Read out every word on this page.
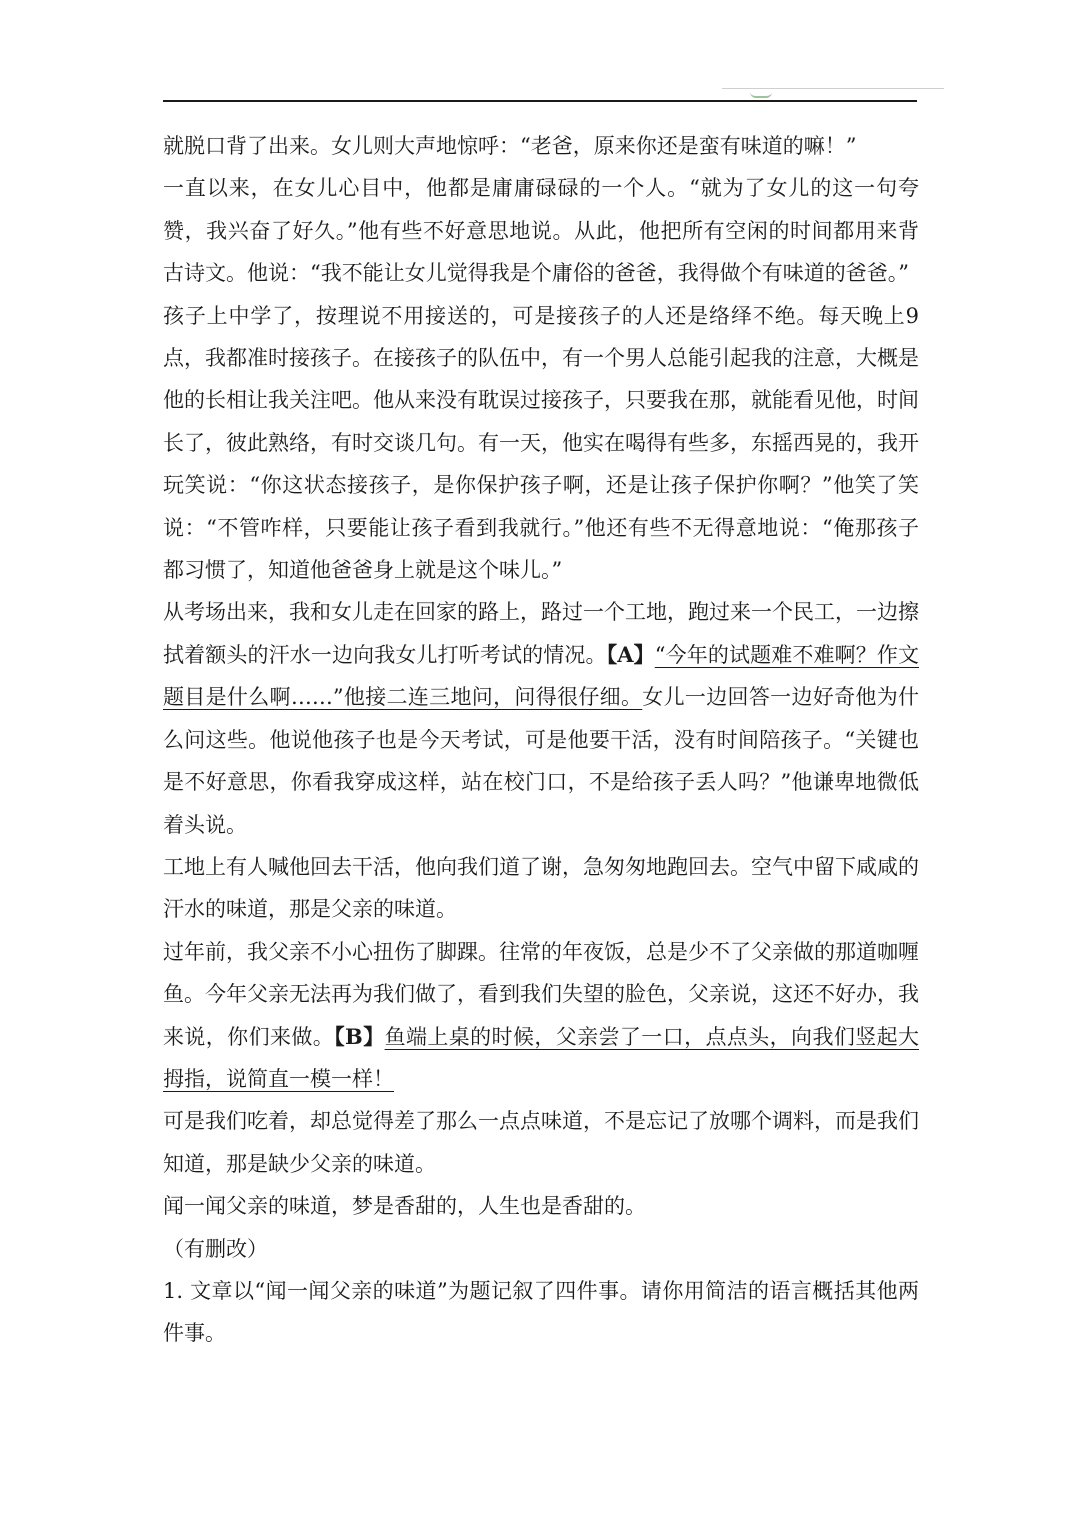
就脱口背了出来。女儿则大声地惊呼：“老爸，原来你还是蛮有味道的嘛！”

一直以来，在女儿心目中，他都是庸庸碌碌的一个人。“就为了女儿的这一句夸赞，我兴奋了好久。”他有些不好意思地说。从此，他把所有空闲的时间都用来背古诗文。他说：“我不能让女儿觉得我是个庸俗的爸爸，我得做个有味道的爸爸。”

孩子上中学了，按理说不用接送的，可是接孩子的人还是络绎不绝。每天晚上9点，我都准时接孩子。在接孩子的队伍中，有一个男人总能引起我的注意，大概是他的长相让我关注吧。他从来没有耽误过接孩子，只要我在那，就能看见他，时间长了，彼此熟络，有时交谈几句。有一天，他实在喝得有些多，东摇西晃的，我开玩笑说：“你这状态接孩子，是你保护孩子啊，还是让孩子保护你啊？”他笑了笑说：“不管咋样，只要能让孩子看到我就行。”他还有些不无得意地说：“俺那孩子都习惯了，知道他爸爸身上就是这个味儿。”

从考场出来，我和女儿走在回家的路上，路过一个工地，跑过来一个民工，一边擦拭着额头的汗水一边向我女儿打听考试的情况。【A】“今年的试题难不难啊？作文题目是什么啊……”他接二连三地问，问得很仔细。女儿一边回答一边好奇他为什么问这些。他说他孩子也是今天考试，可是他要干活，没有时间陪孩子。“关键也是不好意思，你看我穿成这样，站在校门口，不是给孩子丢人吗？”他谦卑地微低着头说。

工地上有人喊他回去干活，他向我们道了谢，急匆匆地跑回去。空气中留下咸咸的汗水的味道，那是父亲的味道。

过年前，我父亲不小心扭伤了脚踝。往常的年夜饭，总是少不了父亲做的那道咖喱鱼。今年父亲无法再为我们做了，看到我们失望的脸色，父亲说，这还不好办，我来说，你们来做。【B】鱼端上桌的时候，父亲尝了一口，点点头，向我们竖起大拇指，说简直一模一样！

可是我们吃着，却总觉得差了那么一点点味道，不是忘记了放哪个调料，而是我们知道，那是缺少父亲的味道。

闻一闻父亲的味道，梦是香甜的，人生也是香甜的。

（有删改）

1. 文章以“闻一闻父亲的味道”为题记叙了四件事。请你用简洁的语言概括其他两件事。
